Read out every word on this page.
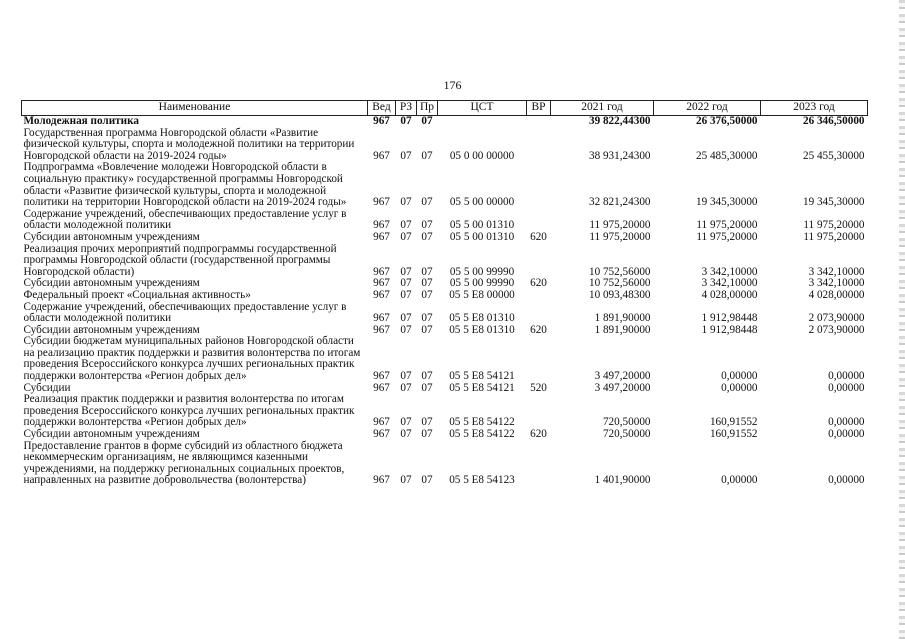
176
Наименование	Вед	РЗ	Пр	ЦСТ	ВР	2021 год	2022 год	2023 год
Молодежная политика	967	07	07			39 822,44300	26 376,50000	26 346,50000
Государственная программа Новгородской области «Развитие физической культуры, спорта и молодежной политики на территории Новгородской области на 2019-2024 годы»	967	07	07	05 0 00 00000		38 931,24300	25 485,30000	25 455,30000
Подпрограмма «Вовлечение молодежи Новгородской области в социальную практику» государственной программы Новгородской области «Развитие физической культуры, спорта и молодежной политики на территории Новгородской области на 2019-2024 годы»	967	07	07	05 5 00 00000		32 821,24300	19 345,30000	19 345,30000
Содержание учреждений, обеспечивающих предоставление услуг в области молодежной политики	967	07	07	05 5 00 01310		11 975,20000	11 975,20000	11 975,20000
Субсидии автономным учреждениям	967	07	07	05 5 00 01310	620	11 975,20000	11 975,20000	11 975,20000
Реализация прочих мероприятий подпрограммы государственной программы Новгородской области (государственной программы Новгородской области)	967	07	07	05 5 00 99990		10 752,56000	3 342,10000	3 342,10000
Субсидии автономным учреждениям	967	07	07	05 5 00 99990	620	10 752,56000	3 342,10000	3 342,10000
Федеральный проект «Социальная активность»	967	07	07	05 5 E8 00000		10 093,48300	4 028,00000	4 028,00000
Содержание учреждений, обеспечивающих предоставление услуг в области молодежной политики	967	07	07	05 5 E8 01310		1 891,90000	1 912,98448	2 073,90000
Субсидии автономным учреждениям	967	07	07	05 5 E8 01310	620	1 891,90000	1 912,98448	2 073,90000
Субсидии бюджетам муниципальных районов Новгородской области на реализацию практик поддержки и развития волонтерства по итогам проведения Всероссийского конкурса лучших региональных практик поддержки волонтерства «Регион добрых дел»	967	07	07	05 5 E8 54121		3 497,20000	0,00000	0,00000
Субсидии	967	07	07	05 5 E8 54121	520	3 497,20000	0,00000	0,00000
Реализация практик поддержки и развития волонтерства по итогам проведения Всероссийского конкурса лучших региональных практик поддержки волонтерства «Регион добрых дел»	967	07	07	05 5 E8 54122		720,50000	160,91552	0,00000
Субсидии автономным учреждениям	967	07	07	05 5 E8 54122	620	720,50000	160,91552	0,00000
Предоставление грантов в форме субсидий из областного бюджета некоммерческим организациям, не являющимся казенными учреждениями, на поддержку региональных социальных проектов, направленных на развитие добровольчества (волонтерства)	967	07	07	05 5 E8 54123		1 401,90000	0,00000	0,00000
